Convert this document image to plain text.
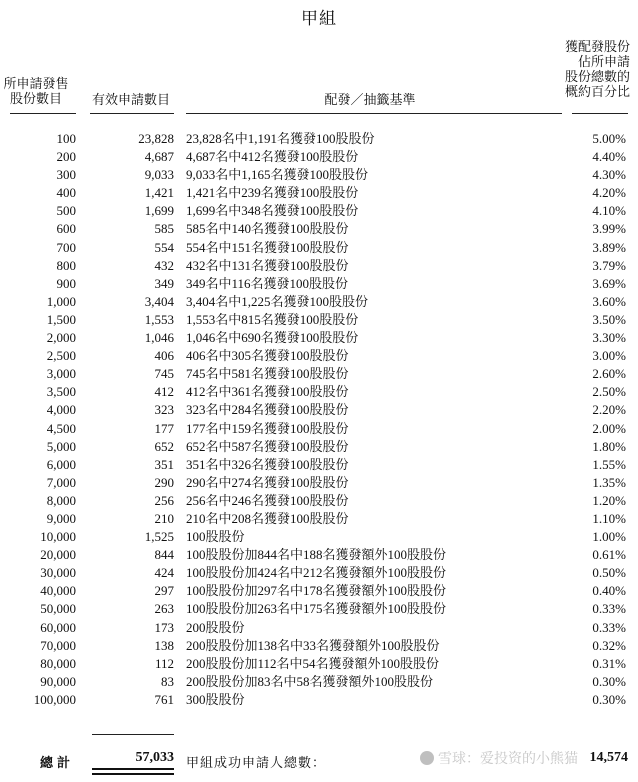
甲組
所申請發售
股份數目	有效申請數目	配發／抽籤基準
獲配發股份
佔所申請
股份總數的
概約百分比
100	23,828 23,828名中1,191名獲發100股股份	5.00%
200	4,687 4,687名中412名獲發100股股份	4.40%
300	9,033 9,033名中1,165名獲發100股股份	4.30%
400	1,421 1,421名中239名獲發100股股份	4.20%
500	1,699 1,699名中348名獲發100股股份	4.10%
600	585 585名中140名獲發100股股份	3.99%
700	554 554名中151名獲發100股股份	3.89%
800	432 432名中131名獲發100股股份	3.79%
900	349 349名中116名獲發100股股份	3.69%
1,000	3,404 3,404名中1,225名獲發100股股份	3.60%
1,500	1,553 1,553名中815名獲發100股股份	3.50%
2,000	1,046 1,046名中690名獲發100股股份	3.30%
2,500	406 406名中305名獲發100股股份	3.00%
3,000	745 745名中581名獲發100股股份	2.60%
3,500	412 412名中361名獲發100股股份	2.50%
4,000	323 323名中284名獲發100股股份	2.20%
4,500	177 177名中159名獲發100股股份	2.00%
5,000	652 652名中587名獲發100股股份	1.80%
6,000	351 351名中326名獲發100股股份	1.55%
7,000	290 290名中274名獲發100股股份	1.35%
8,000	256 256名中246名獲發100股股份	1.20%
9,000	210 210名中208名獲發100股股份	1.10%
10,000	1,525 100股股份	1.00%
20,000	844 100股股份加844名中188名獲發額外100股股份	0.61%
30,000	424 100股股份加424名中212名獲發額外100股股份	0.50%
40,000	297 100股股份加297名中178名獲發額外100股股份	0.40%
50,000	263 100股股份加263名中175名獲發額外100股股份	0.33%
60,000	173 200股股份	0.33%
70,000	138 200股股份加138名中33名獲發額外100股股份	0.32%
80,000	112 200股股份加112名中54名獲發額外100股股份	0.31%
90,000	83 200股股份加83名中58名獲發額外100股股份	0.30%
100,000	761 300股股份	0.30%
總計	57,033 甲組成功申請人總數：	14,574
雪球：爱投资的小熊猫
